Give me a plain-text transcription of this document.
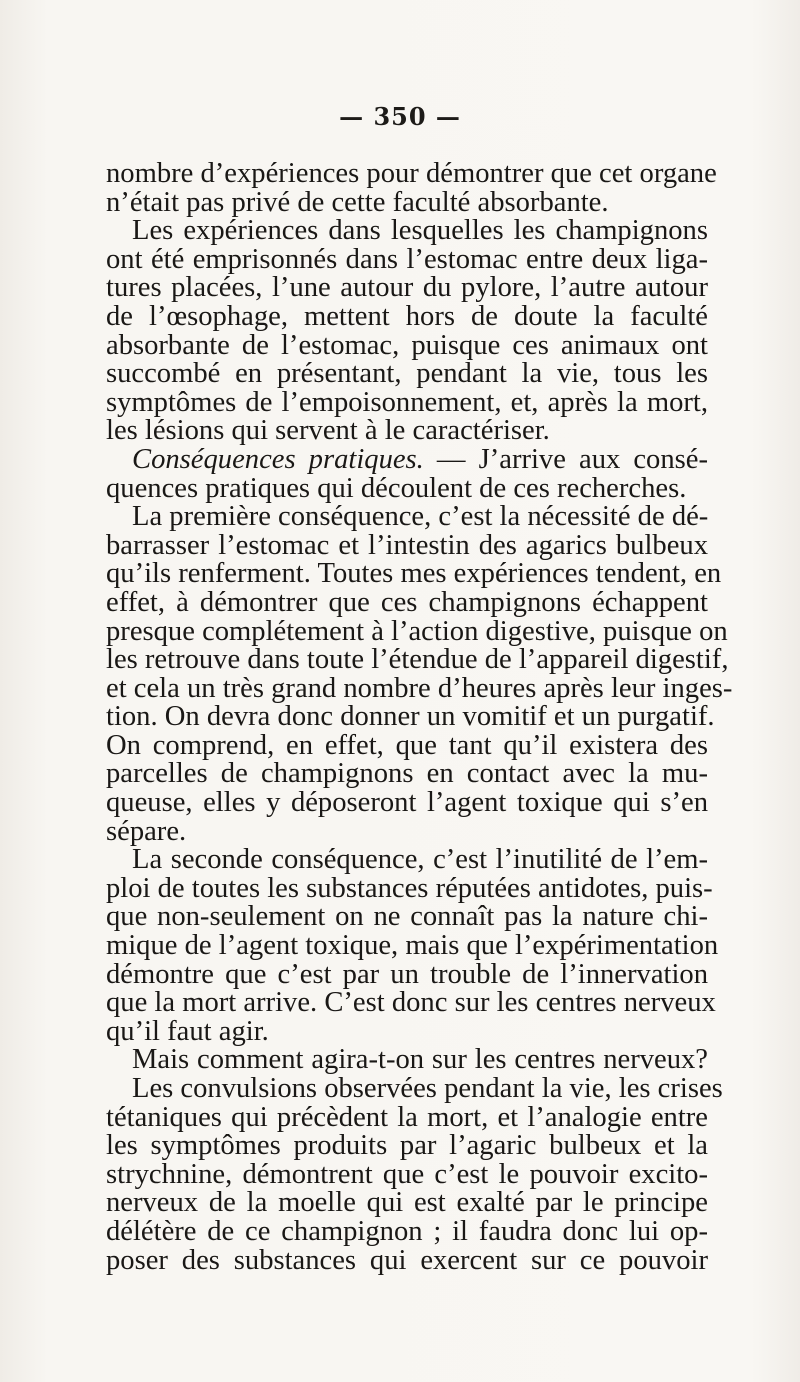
— 350 —
nombre d’expériences pour démontrer que cet organe
n’était pas privé de cette faculté absorbante.
Les expériences dans lesquelles les champignons
ont été emprisonnés dans l’estomac entre deux liga-
tures placées, l’une autour du pylore, l’autre autour
de l’œsophage, mettent hors de doute la faculté
absorbante de l’estomac, puisque ces animaux ont
succombé en présentant, pendant la vie, tous les
symptômes de l’empoisonnement, et, après la mort,
les lésions qui servent à le caractériser.
Conséquences pratiques. — J’arrive aux consé-
quences pratiques qui découlent de ces recherches.
La première conséquence, c’est la nécessité de dé-
barrasser l’estomac et l’intestin des agarics bulbeux
qu’ils renferment. Toutes mes expériences tendent, en
effet, à démontrer que ces champignons échappent
presque complétement à l’action digestive, puisque on
les retrouve dans toute l’étendue de l’appareil digestif,
et cela un très grand nombre d’heures après leur inges-
tion. On devra donc donner un vomitif et un purgatif.
On comprend, en effet, que tant qu’il existera des
parcelles de champignons en contact avec la mu-
queuse, elles y déposeront l’agent toxique qui s’en
sépare.
La seconde conséquence, c’est l’inutilité de l’em-
ploi de toutes les substances réputées antidotes, puis-
que non-seulement on ne connaît pas la nature chi-
mique de l’agent toxique, mais que l’expérimentation
démontre que c’est par un trouble de l’innervation
que la mort arrive. C’est donc sur les centres nerveux
qu’il faut agir.
Mais comment agira-t-on sur les centres nerveux?
Les convulsions observées pendant la vie, les crises
tétaniques qui précèdent la mort, et l’analogie entre
les symptômes produits par l’agaric bulbeux et la
strychnine, démontrent que c’est le pouvoir excito-
nerveux de la moelle qui est exalté par le principe
délétère de ce champignon ; il faudra donc lui op-
poser des substances qui exercent sur ce pouvoir
